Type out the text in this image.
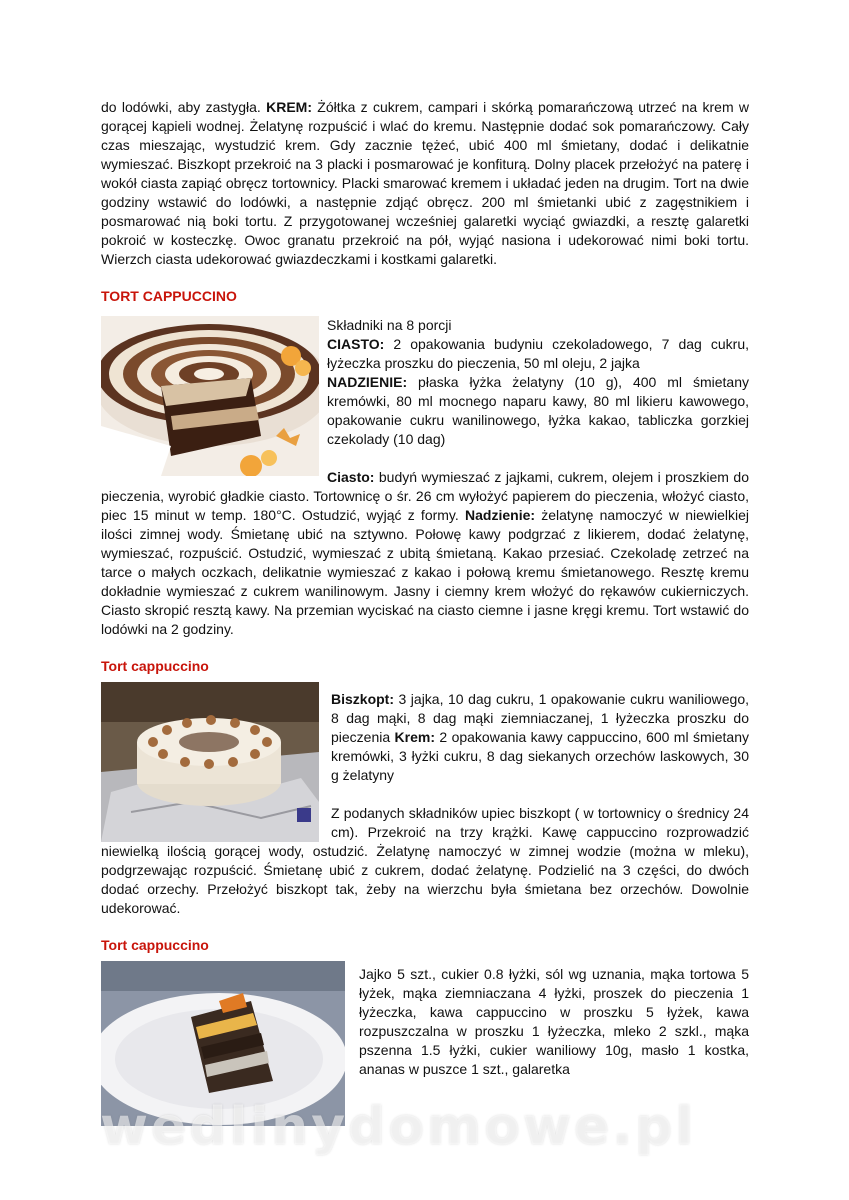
do lodówki, aby zastygła. KREM: Żółtka z cukrem, campari i skórką pomarańczową utrzeć na krem w gorącej kąpieli wodnej. Żelatynę rozpuścić i wlać do kremu. Następnie dodać sok pomarańczowy. Cały czas mieszając, wystudzić krem. Gdy zacznie tężeć, ubić 400 ml śmietany, dodać i delikatnie wymieszać. Biszkopt przekroić na 3 placki i posmarować je konfiturą. Dolny placek przełożyć na paterę i wokół ciasta zapiąć obręcz tortownicy. Placki smarować kremem i układać jeden na drugim. Tort na dwie godziny wstawić do lodówki, a następnie zdjąć obręcz. 200 ml śmietanki ubić z zagęstnikiem i posmarować nią boki tortu. Z przygotowanej wcześniej galaretki wyciąć gwiazdki, a resztę galaretki pokroić w kosteczkę. Owoc granatu przekroić na pół, wyjąć nasiona i udekorować nimi boki tortu. Wierzch ciasta udekorować gwiazdeczkami i kostkami galaretki.

TORT CAPPUCCINO

Składniki na 8 porcji

CIASTO: 2 opakowania budyniu czekoladowego, 7 dag cukru, łyżeczka proszku do pieczenia, 50 ml oleju, 2 jajka

NADZIENIE: płaska łyżka żelatyny (10 g), 400 ml śmietany kremówki, 80 ml mocnego naparu kawy, 80 ml likieru kawowego, opakowanie cukru wanilinowego, łyżka kakao, tabliczka gorzkiej czekolady (10 dag)

Ciasto: budyń wymieszać z jajkami, cukrem, olejem i proszkiem do pieczenia, wyrobić gładkie ciasto. Tortownicę o śr. 26 cm wyłożyć papierem do pieczenia, włożyć ciasto, piec 15 minut w temp. 180°C. Ostudzić, wyjąć z formy. Nadzienie: żelatynę namoczyć w niewielkiej ilości zimnej wody. Śmietanę ubić na sztywno. Połowę kawy podgrzać z likierem, dodać żelatynę, wymieszać, rozpuścić. Ostudzić, wymieszać z ubitą śmietaną. Kakao przesiać. Czekoladę zetrzeć na tarce o małych oczkach, delikatnie wymieszać z kakao i połową kremu śmietanowego. Resztę kremu dokładnie wymieszać z cukrem wanilinowym. Jasny i ciemny krem włożyć do rękawów cukierniczych. Ciasto skropić resztą kawy. Na przemian wyciskać na ciasto ciemne i jasne kręgi kremu. Tort wstawić do lodówki na 2 godziny.

Tort cappuccino

Biszkopt: 3 jajka, 10 dag cukru, 1 opakowanie cukru waniliowego, 8 dag mąki, 8 dag mąki ziemniaczanej, 1 łyżeczka proszku do pieczenia Krem: 2 opakowania kawy cappuccino, 600 ml śmietany kremówki, 3 łyżki cukru, 8 dag siekanych orzechów laskowych, 30 g żelatyny

Z podanych składników upiec biszkopt ( w tortownicy o średnicy 24 cm). Przekroić na trzy krążki. Kawę cappuccino rozprowadzić niewielką ilością gorącej wody, ostudzić. Żelatynę namoczyć w zimnej wodzie (można w mleku), podgrzewając rozpuścić. Śmietanę ubić z cukrem, dodać żelatynę. Podzielić na 3 części, do dwóch dodać orzechy. Przełożyć biszkopt tak, żeby na wierzchu była śmietana bez orzechów. Dowolnie udekorować.

Tort cappuccino

Jajko 5 szt., cukier 0.8 łyżki, sól wg uznania, mąka tortowa 5 łyżek, mąka ziemniaczana 4 łyżki, proszek do pieczenia 1 łyżeczka, kawa cappuccino w proszku 5 łyżek, kawa rozpuszczalna w proszku 1 łyżeczka, mleko 2 szkl., mąka pszenna 1.5 łyżki, cukier waniliowy 10g, masło 1 kostka, ananas w puszce 1 szt., galaretka

wedlinydomowe.pl
